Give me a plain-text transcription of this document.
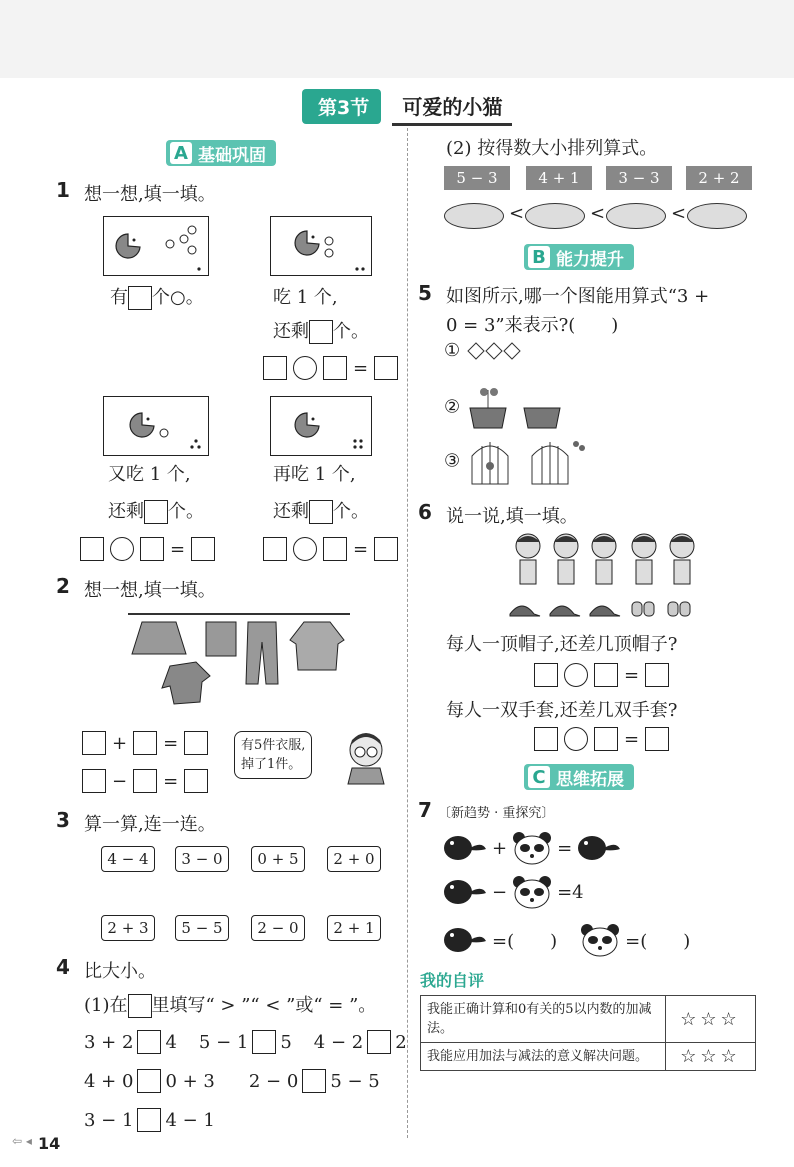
第3节 可爱的小猫
A 基础巩固
1 想一想,填一填。
有 个○。	吃 1 个,
还剩 个。
=
又吃 1 个,
还剩 个。
=
再吃 1 个,
还剩 个。
=
2 想一想,填一填。
+ =
− =
有5件衣服,
掉了1件。
3 算一算,连一连。
4 − 4	3 − 0	0 + 5	2 + 0
2 + 3	5 − 5	2 − 0	2 + 1
4 比大小。
(1)在 里填写“ > ”“ < ”或“ = ”。
3 + 2 4 5 − 1 5 4 − 2 2
4 + 0 0 + 3 2 − 0 5 − 5
3 − 1 4 − 1
⇦ ◂ 14
(2) 按得数大小排列算式。
5 − 3	4 + 1	3 − 3	2 + 2
<	<	<
B 能力提升
5 如图所示,哪一个图能用算式“3 +
0 = 3”来表示?(　　)
①
②
③
6 说一说,填一填。
每人一顶帽子,还差几顶帽子?
=
每人一双手套,还差几双手套?
=
C 思维拓展
7 〔新趋势 · 重探究〕
+	=
−	=4
=(　　)	=(　　)
我的自评
我能正确计算和0有关的5以内数的加减法。	☆☆☆
我能应用加法与减法的意义解决问题。	☆☆☆
